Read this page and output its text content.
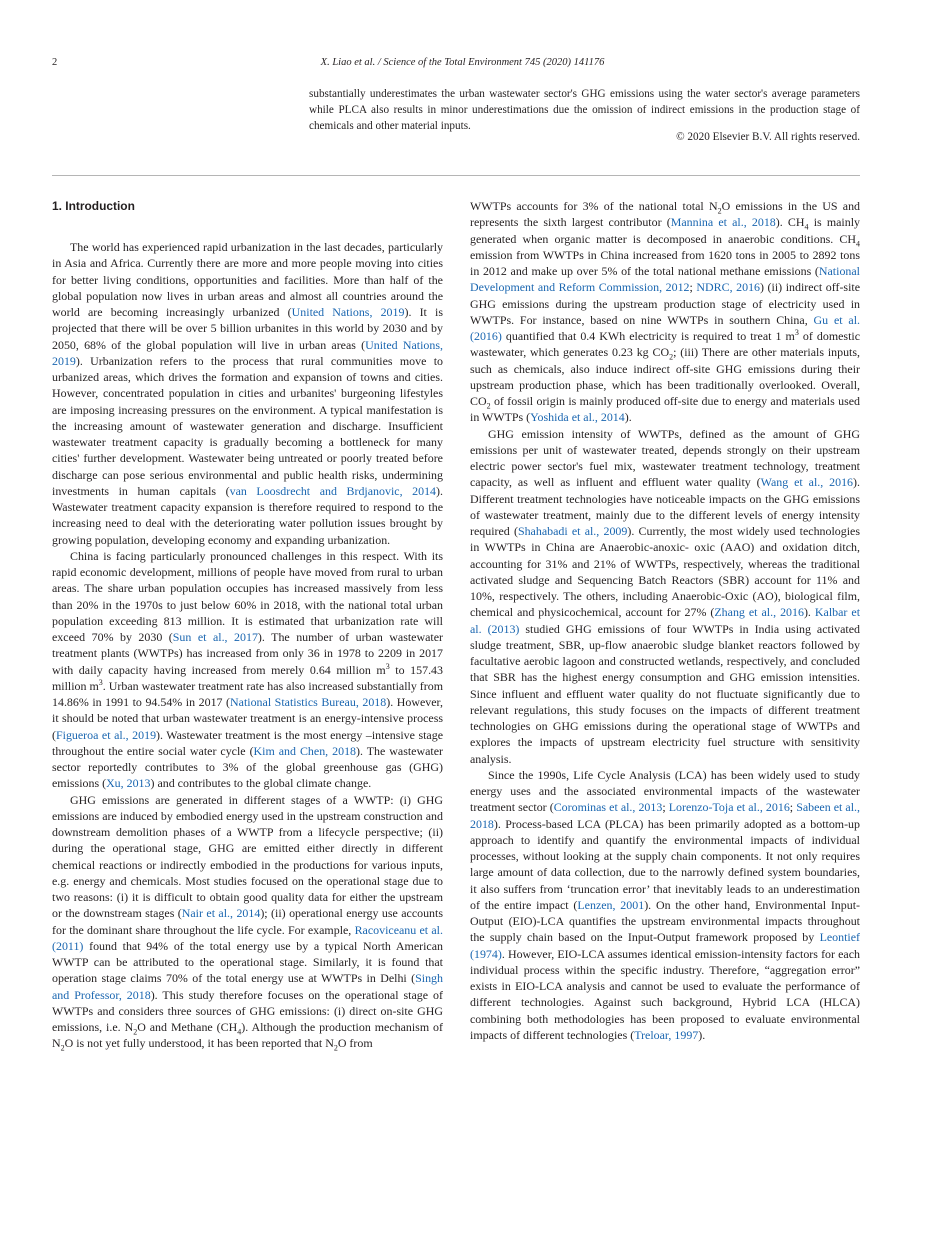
2	X. Liao et al. / Science of the Total Environment 745 (2020) 141176
substantially underestimates the urban wastewater sector's GHG emissions using the water sector's average parameters while PLCA also results in minor underestimations due the omission of indirect emissions in the production stage of chemicals and other material inputs.
© 2020 Elsevier B.V. All rights reserved.
1. Introduction

The world has experienced rapid urbanization in the last decades, particularly in Asia and Africa. Currently there are more and more people moving into cities for better living conditions, opportunities and facilities. More than half of the global population now lives in urban areas and almost all countries around the world are becoming increasingly urbanized (United Nations, 2019). It is projected that there will be over 5 billion urbanites in this world by 2030 and by 2050, 68% of the global population will live in urban areas (United Nations, 2019). Urbanization refers to the process that rural communities move to urbanized areas, which drives the formation and expansion of towns and cities. However, concentrated population in cities and urbanites' burgeoning lifestyles are imposing increasing pressures on the environment. A typical manifestation is the increasing amount of wastewater generation and discharge. Insufficient wastewater treatment capacity is gradually becoming a bottleneck for many cities' further development. Wastewater being untreated or poorly treated before discharge can pose serious environmental and public health risks, undermining investments in human capitals (van Loosdrecht and Brdjanovic, 2014). Wastewater treatment capacity expansion is therefore required to respond to the increasing need to deal with the deteriorating water pollution issues brought by growing population, developing economy and expanding urbanization.

China is facing particularly pronounced challenges in this respect. With its rapid economic development, millions of people have moved from rural to urban areas. The share urban population occupies has increased massively from less than 20% in the 1970s to just below 60% in 2018, with the national total urban population exceeding 813 million. It is estimated that urbanization rate will exceed 70% by 2030 (Sun et al., 2017). The number of urban wastewater treatment plants (WWTPs) has increased from only 36 in 1978 to 2209 in 2017 with daily capacity having increased from merely 0.64 million $m^3$ to 157.43 million $m^3$. Urban wastewater treatment rate has also increased substantially from 14.86% in 1991 to 94.54% in 2017 (National Statistics Bureau, 2018). However, it should be noted that urban wastewater treatment is an energy-intensive process (Figueroa et al., 2019). Wastewater treatment is the most energy –intensive stage throughout the entire social water cycle (Kim and Chen, 2018). The wastewater sector reportedly contributes to 3% of the global greenhouse gas (GHG) emissions (Xu, 2013) and contributes to the global climate change.

GHG emissions are generated in different stages of a WWTP: (i) GHG emissions are induced by embodied energy used in the upstream construction and downstream demolition phases of a WWTP from a lifecycle perspective; (ii) during the operational stage, GHG are emitted either directly in different chemical reactions or indirectly embodied in the productions for various inputs, e.g. energy and chemicals. Most studies focused on the operational stage due to two reasons: (i) it is difficult to obtain good quality data for either the upstream or the downstream stages (Nair et al., 2014); (ii) operational energy use accounts for the dominant share throughout the life cycle. For example, Racoviceanu et al. (2011) found that 94% of the total energy use by a typical North American WWTP can be attributed to the operational stage. Similarly, it is found that operation stage claims 70% of the total energy use at WWTPs in Delhi (Singh and Professor, 2018). This study therefore focuses on the operational stage of WWTPs and considers three sources of GHG emissions: (i) direct on-site GHG emissions, i.e. $N_2O$ and Methane $(CH_4)$. Although the production mechanism of $N_2O$ is not yet fully understood, it has been reported that $N_2O$ from

WWTPs accounts for 3% of the national total $N_2O$ emissions in the US and represents the sixth largest contributor (Mannina et al., 2018). $CH_4$ is mainly generated when organic matter is decomposed in anaerobic conditions. $CH_4$ emission from WWTPs in China increased from 1620 tons in 2005 to 2892 tons in 2012 and make up over 5% of the total national methane emissions (National Development and Reform Commission, 2012; NDRC, 2016) (ii) indirect off-site GHG emissions during the upstream production stage of electricity used in WWTPs. For instance, based on nine WWTPs in southern China, Gu et al. (2016) quantified that 0.4 KWh electricity is required to treat 1 $m^3$ of domestic wastewater, which generates 0.23 kg $CO_2$; (iii) There are other materials inputs, such as chemicals, also induce indirect off-site GHG emissions during their upstream production phase, which has been traditionally overlooked. Overall, $CO_2$ of fossil origin is mainly produced off-site due to energy and materials used in WWTPs (Yoshida et al., 2014).

GHG emission intensity of WWTPs, defined as the amount of GHG emissions per unit of wastewater treated, depends strongly on their upstream electric power sector's fuel mix, wastewater treatment technology, treatment capacity, as well as influent and effluent water quality (Wang et al., 2016). Different treatment technologies have noticeable impacts on the GHG emissions of wastewater treatment, mainly due to the different levels of energy intensity required (Shahabadi et al., 2009). Currently, the most widely used technologies in WWTPs in China are Anaerobic-anoxic- oxic (AAO) and oxidation ditch, accounting for 31% and 21% of WWTPs, respectively, whereas the traditional activated sludge and Sequencing Batch Reactors (SBR) account for 11% and 10%, respectively. The others, including Anaerobic-Oxic (AO), biological film, chemical and physicochemical, account for 27% (Zhang et al., 2016). Kalbar et al. (2013) studied GHG emissions of four WWTPs in India using activated sludge treatment, SBR, up-flow anaerobic sludge blanket reactors followed by facultative aerobic lagoon and constructed wetlands, respectively, and concluded that SBR has the highest energy consumption and GHG emission intensities. Since influent and effluent water quality do not fluctuate significantly due to relevant regulations, this study focuses on the impacts of different treatment technologies on GHG emissions during the operational stage of WWTPs and explores the impacts of upstream electricity fuel structure with sensitivity analysis.

Since the 1990s, Life Cycle Analysis (LCA) has been widely used to study energy uses and the associated environmental impacts of the wastewater treatment sector (Corominas et al., 2013; Lorenzo-Toja et al., 2016; Sabeen et al., 2018). Process-based LCA (PLCA) has been primarily adopted as a bottom-up approach to identify and quantify the environmental impacts of individual processes, without looking at the supply chain components. It not only requires large amount of data collection, due to the narrowly defined system boundaries, it also suffers from ‘truncation error’ that inevitably leads to an underestimation of the entire impact (Lenzen, 2001). On the other hand, Environmental Input-Output (EIO)-LCA quantifies the upstream environmental impacts throughout the supply chain based on the Input-Output framework proposed by Leontief (1974). However, EIO-LCA assumes identical emission-intensity factors for each individual process within the specific industry. Therefore, “aggregation error” exists in EIO-LCA analysis and cannot be used to evaluate the performance of different technologies. Against such background, Hybrid LCA (HLCA) combining both methodologies has been proposed to evaluate environmental impacts of different technologies (Treloar, 1997).
